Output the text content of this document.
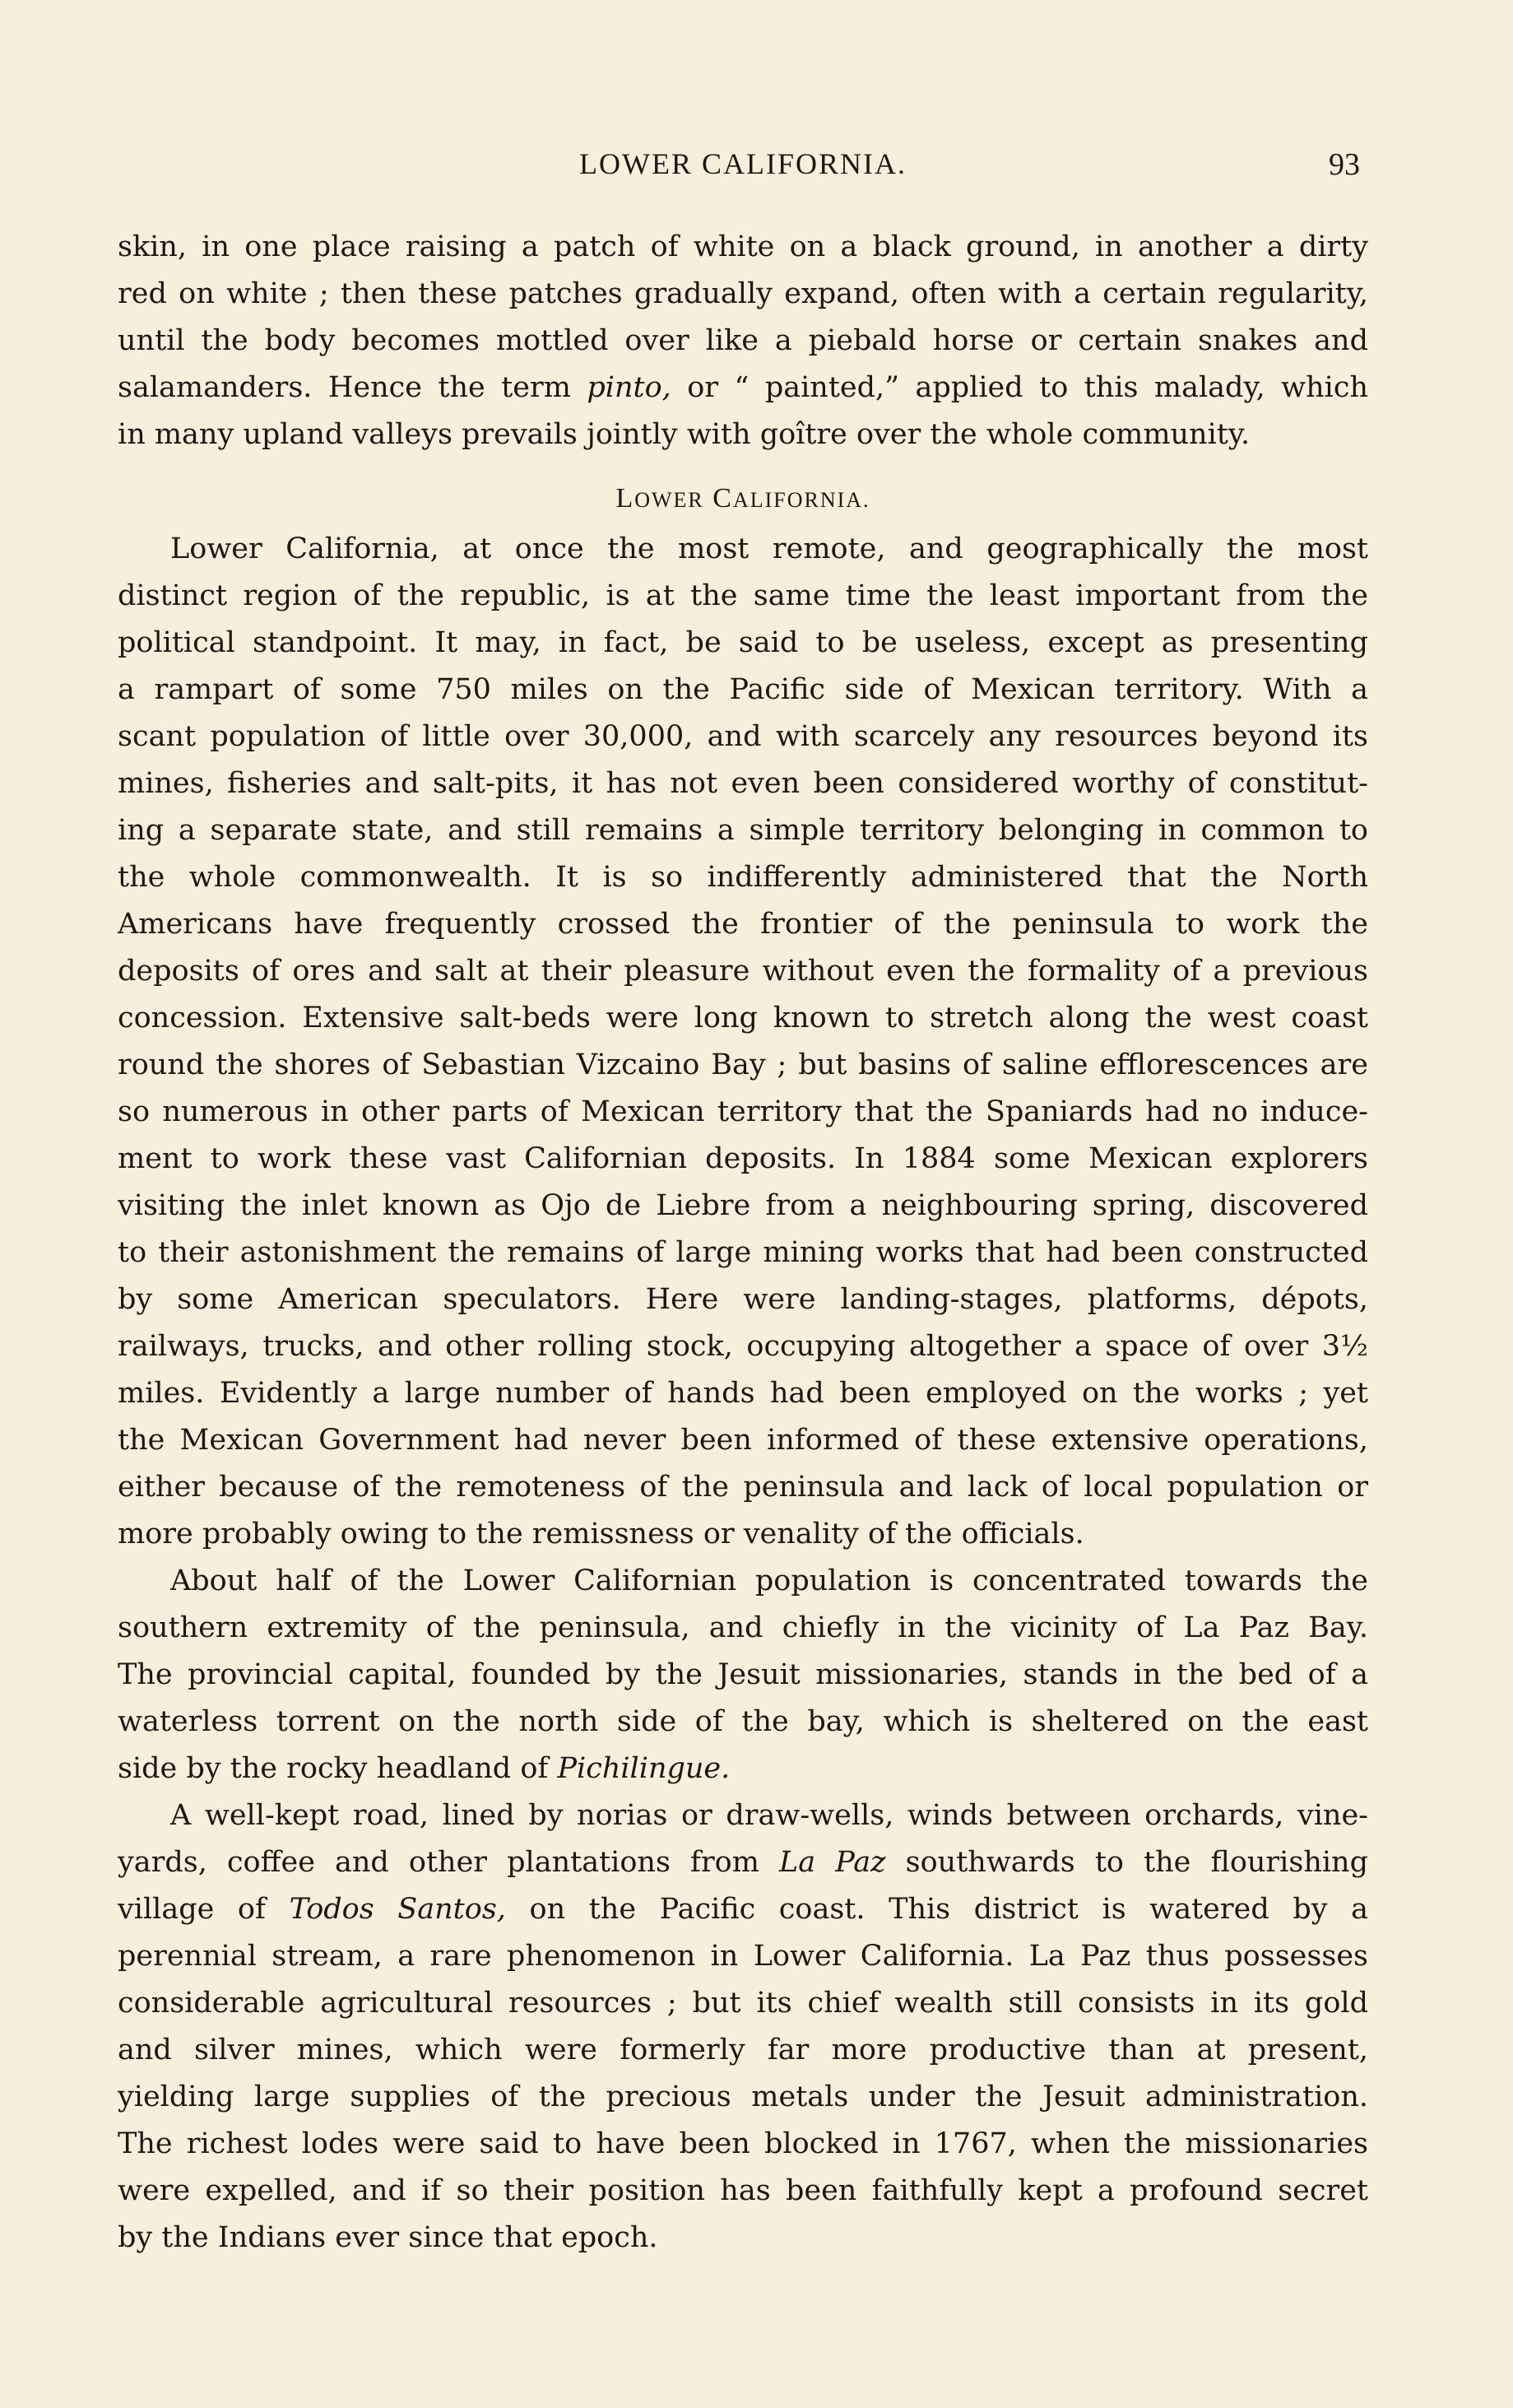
LOWER CALIFORNIA.	93
skin, in one place raising a patch of white on a black ground, in another a dirty
red on white ; then these patches gradually expand, often with a certain regularity,
until the body becomes mottled over like a piebald horse or certain snakes and
salamanders. Hence the term pinto, or “ painted,” applied to this malady, which
in many upland valleys prevails jointly with goître over the whole community.
LOWER CALIFORNIA.
Lower California, at once the most remote, and geographically the most
distinct region of the republic, is at the same time the least important from the
political standpoint. It may, in fact, be said to be useless, except as presenting
a rampart of some 750 miles on the Pacific side of Mexican territory. With a
scant population of little over 30,000, and with scarcely any resources beyond its
mines, fisheries and salt-pits, it has not even been considered worthy of constitut-
ing a separate state, and still remains a simple territory belonging in common to
the whole commonwealth. It is so indifferently administered that the North
Americans have frequently crossed the frontier of the peninsula to work the
deposits of ores and salt at their pleasure without even the formality of a previous
concession. Extensive salt-beds were long known to stretch along the west coast
round the shores of Sebastian Vizcaino Bay ; but basins of saline efflorescences are
so numerous in other parts of Mexican territory that the Spaniards had no induce-
ment to work these vast Californian deposits. In 1884 some Mexican explorers
visiting the inlet known as Ojo de Liebre from a neighbouring spring, discovered
to their astonishment the remains of large mining works that had been constructed
by some American speculators. Here were landing-stages, platforms, dépots,
railways, trucks, and other rolling stock, occupying altogether a space of over 3½
miles. Evidently a large number of hands had been employed on the works ; yet
the Mexican Government had never been informed of these extensive operations,
either because of the remoteness of the peninsula and lack of local population or
more probably owing to the remissness or venality of the officials.
About half of the Lower Californian population is concentrated towards the
southern extremity of the peninsula, and chiefly in the vicinity of La Paz Bay.
The provincial capital, founded by the Jesuit missionaries, stands in the bed of a
waterless torrent on the north side of the bay, which is sheltered on the east
side by the rocky headland of Pichilingue.
A well-kept road, lined by norias or draw-wells, winds between orchards, vine-
yards, coffee and other plantations from La Paz southwards to the flourishing
village of Todos Santos, on the Pacific coast. This district is watered by a
perennial stream, a rare phenomenon in Lower California. La Paz thus possesses
considerable agricultural resources ; but its chief wealth still consists in its gold
and silver mines, which were formerly far more productive than at present,
yielding large supplies of the precious metals under the Jesuit administration.
The richest lodes were said to have been blocked in 1767, when the missionaries
were expelled, and if so their position has been faithfully kept a profound secret
by the Indians ever since that epoch.
